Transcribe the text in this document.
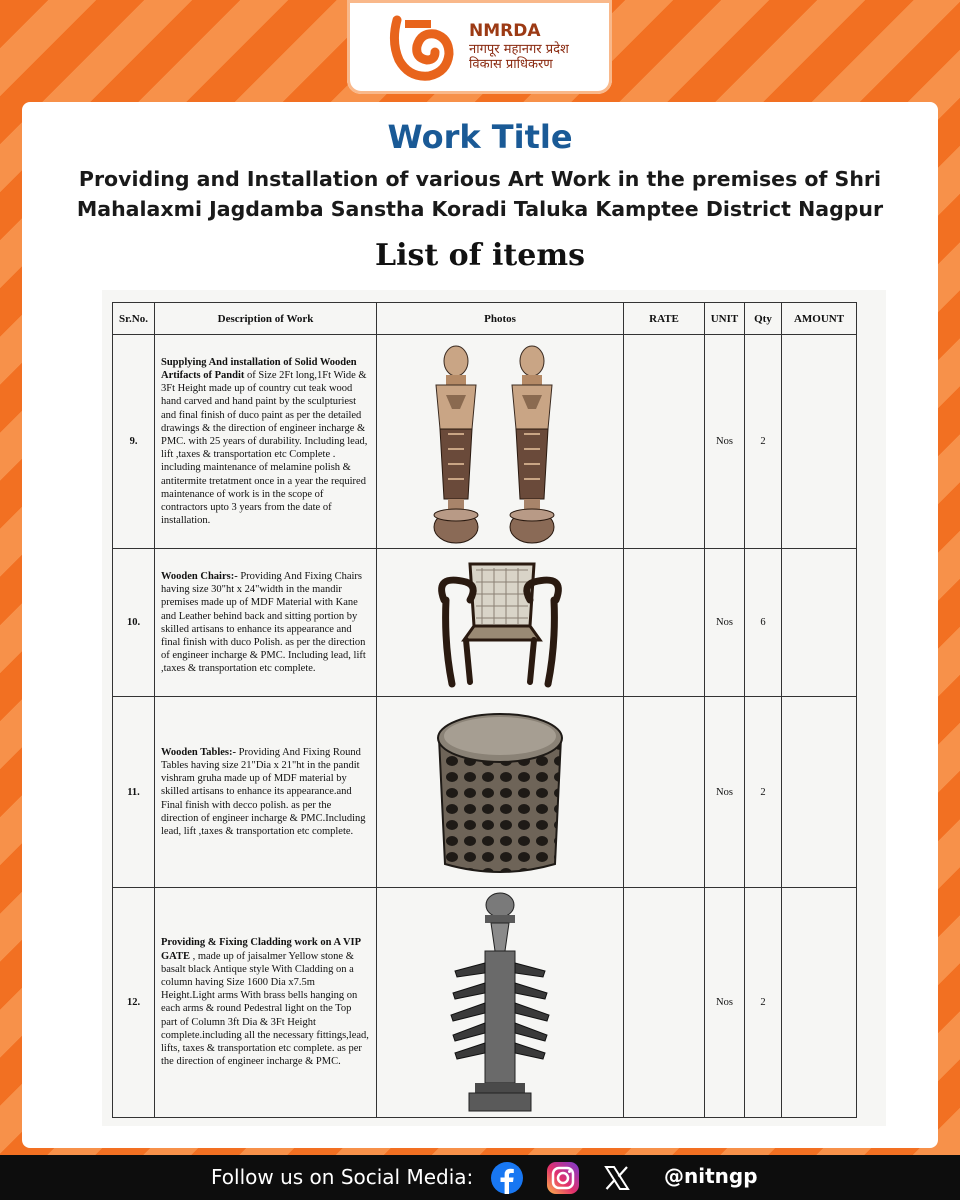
NMRDA
नागपूर महानगर प्रदेश
विकास प्राधिकरण
Work Title
Providing and Installation of various Art Work in the premises of Shri Mahalaxmi Jagdamba Sanstha Koradi Taluka Kamptee District Nagpur
List of items
Sr.No.	Description of Work	Photos	RATE	UNIT	Qty	AMOUNT
9.	Supplying And installation of Solid Wooden Artifacts of Pandit of Size 2Ft long,1Ft Wide & 3Ft Height made up of country cut teak wood hand carved and hand paint by the sculpturiest and final finish of duco paint as per the detailed drawings & the direction of engineer incharge & PMC. with 25 years of durability. Including lead, lift ,taxes & transportation etc Complete . including maintenance of melamine polish & antitermite tretatment once in a year the required maintenance of work is in the scope of contractors upto 3 years from the date of installation.			Nos	2	
10.	Wooden Chairs:- Providing And Fixing Chairs having size 30"ht x 24"width in the mandir premises made up of MDF Material with Kane and Leather behind back and sitting portion by skilled artisans to enhance its appearance and final finish with duco Polish. as per the direction of engineer incharge & PMC. Including lead, lift ,taxes & transportation etc complete.			Nos	6	
11.	Wooden Tables:- Providing And Fixing Round Tables having size 21"Dia x 21"ht in the pandit vishram gruha made up of MDF material by skilled artisans to enhance its appearance.and Final finish with decco polish. as per the direction of engineer incharge & PMC.Including lead, lift ,taxes & transportation etc complete.			Nos	2	
12.	Providing & Fixing Cladding work on A VIP GATE , made up of jaisalmer Yellow stone & basalt black Antique style With Cladding on a column having Size 1600 Dia x7.5m Height.Light arms With brass bells hanging on each arms & round Pedestral light on the Top part of Column 3ft Dia & 3Ft Height complete.including all the necessary fittings,lead, lifts, taxes & transportation etc complete. as per the direction of engineer incharge & PMC.			Nos	2	
Follow us on Social Media:	@nitngp
